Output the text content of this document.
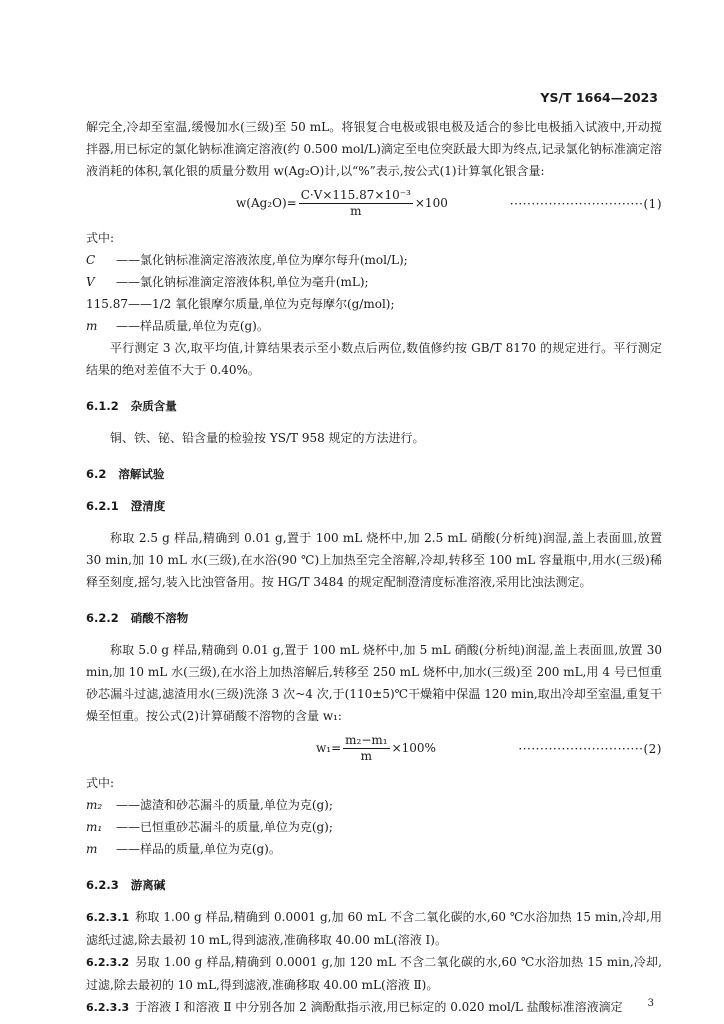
YS/T 1664—2023

解完全,冷却至室温,缓慢加水(三级)至 50 mL。将银复合电极或银电极及适合的参比电极插入试液中,开动搅拌器,用已标定的氯化钠标准滴定溶液(约 0.500 mol/L)滴定至电位突跃最大即为终点,记录氯化钠标准滴定溶液消耗的体积,氧化银的质量分数用 w(Ag₂O)计,以“%”表示,按公式(1)计算氧化银含量:

$w(Ag_2O)= \frac{\text{C·V×115.87×10⁻³}}{m} \times 100$	·······························(1)
式中:
C	——氯化钠标准滴定溶液浓度,单位为摩尔每升(mol/L);
V	——氯化钠标准滴定溶液体积,单位为毫升(mL);
115.87 ——1/2 氧化银摩尔质量,单位为克每摩尔(g/mol);
m	——样品质量,单位为克(g)。

平行测定 3 次,取平均值,计算结果表示至小数点后两位,数值修约按 GB/T 8170 的规定进行。平行测定结果的绝对差值不大于 0.40%。

6.1.2 杂质含量

铜、铁、铋、铅含量的检验按 YS/T 958 规定的方法进行。

6.2 溶解试验
6.2.1 澄清度

称取 2.5 g 样品,精确到 0.01 g,置于 100 mL 烧杯中,加 2.5 mL 硝酸(分析纯)润湿,盖上表面皿,放置 30 min,加 10 mL 水(三级),在水浴(90 ℃)上加热至完全溶解,冷却,转移至 100 mL 容量瓶中,用水(三级)稀释至刻度,摇匀,装入比浊管备用。按 HG/T 3484 的规定配制澄清度标准溶液,采用比浊法测定。

6.2.2 硝酸不溶物

称取 5.0 g 样品,精确到 0.01 g,置于 100 mL 烧杯中,加 5 mL 硝酸(分析纯)润湿,盖上表面皿,放置 30 min,加 10 mL 水(三级),在水浴上加热溶解后,转移至 250 mL 烧杯中,加水(三级)至 200 mL,用 4 号已恒重砂芯漏斗过滤,滤渣用水(三级)洗涤 3 次~4 次,于(110±5)℃干燥箱中保温 120 min,取出冷却至室温,重复干燥至恒重。按公式(2)计算硝酸不溶物的含量 w₁:

$w_1= \frac{\text{m₂−m₁}}{m} \times 100\%$	·····························(2)
式中:
m₂	——滤渣和砂芯漏斗的质量,单位为克(g);
m₁	——已恒重砂芯漏斗的质量,单位为克(g);
m	——样品的质量,单位为克(g)。
6.2.3 游离碱

6.2.3.1 称取 1.00 g 样品,精确到 0.0001 g,加 60 mL 不含二氧化碳的水,60 ℃水浴加热 15 min,冷却,用滤纸过滤,除去最初 10 mL,得到滤液,准确移取 40.00 mL(溶液 Ⅰ)。

6.2.3.2 另取 1.00 g 样品,精确到 0.0001 g,加 120 mL 不含二氧化碳的水,60 ℃水浴加热 15 min,冷却,过滤,除去最初的 10 mL,得到滤液,准确移取 40.00 mL(溶液 Ⅱ)。

6.2.3.3 于溶液 Ⅰ 和溶液 Ⅱ 中分别各加 2 滴酚酞指示液,用已标定的 0.020 mol/L 盐酸标准溶液滴定	3
